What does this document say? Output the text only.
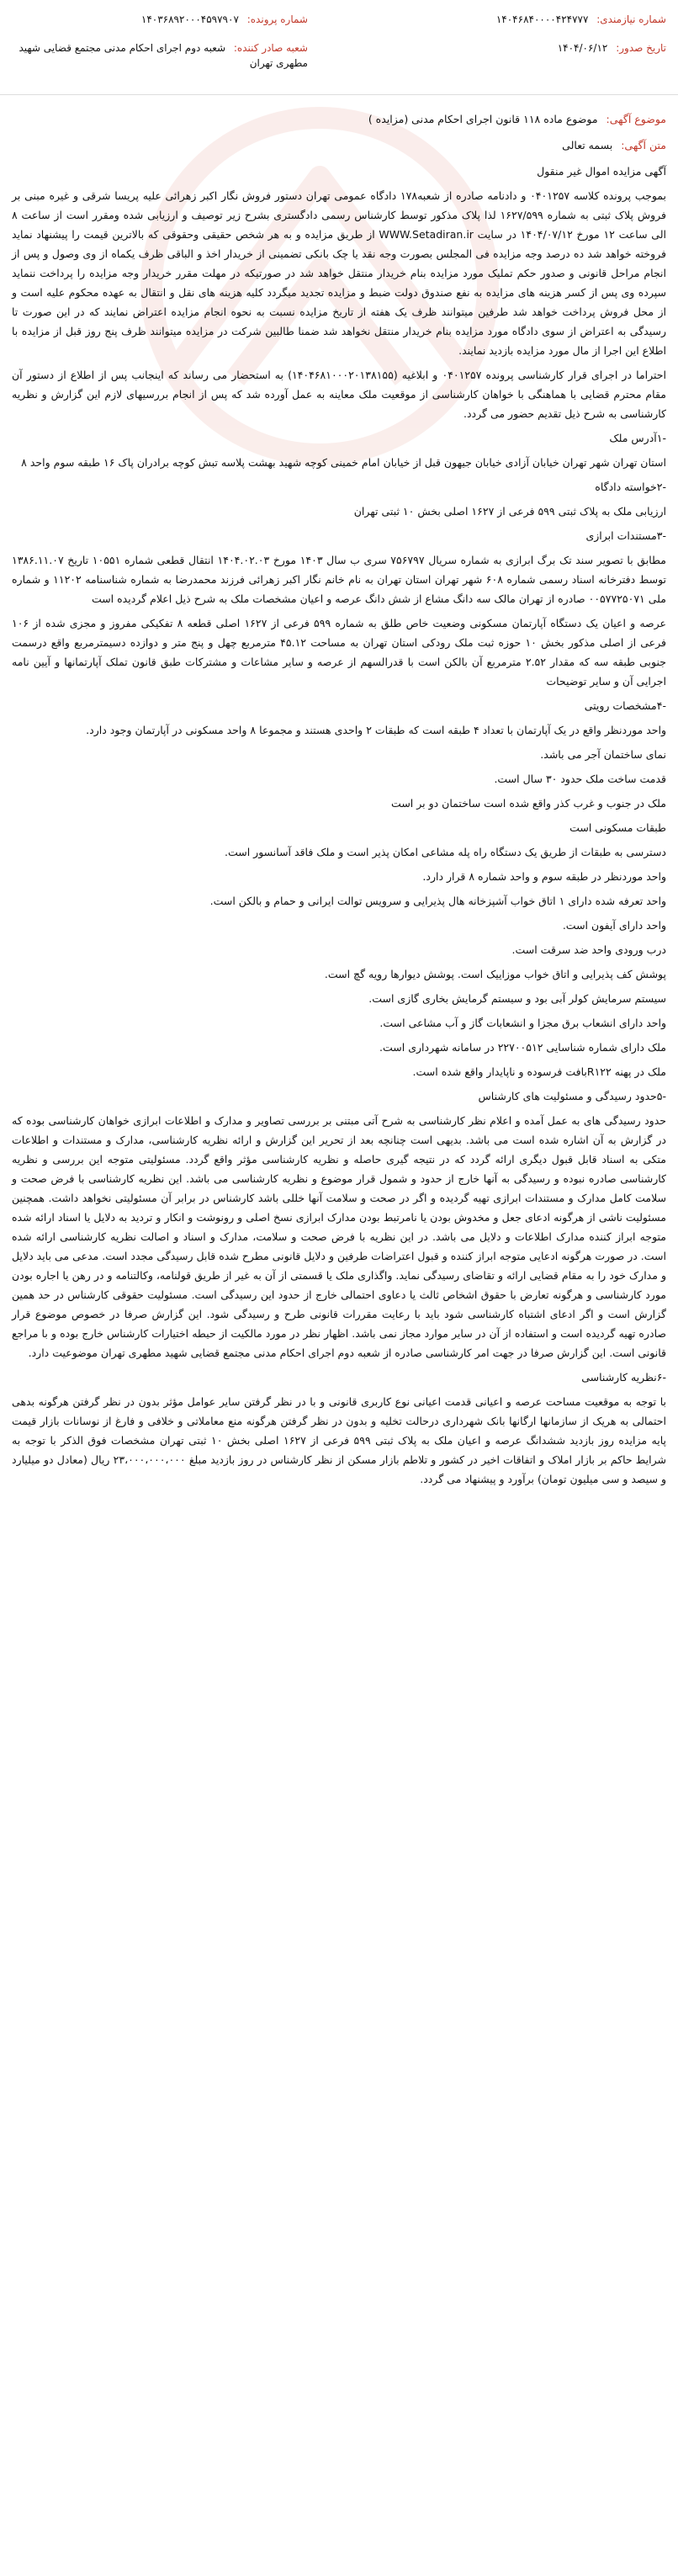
شماره نیازمندی: ۱۴۰۴۶۸۴۰۰۰۰۴۲۴۷۷۷
شماره پرونده: ۱۴۰۳۶۸۹۲۰۰۰۴۵۹۷۹۰۷
تاریخ صدور: ۱۴۰۴/۰۶/۱۲
شعبه صادر کننده: شعبه دوم اجرای احکام مدنی مجتمع قضایی شهید مطهری تهران
موضوع آگهی: موضوع ماده ۱۱۸ قانون اجرای احکام مدنی (مزایده )
متن آگهی: بسمه تعالی

آگهی مزایده اموال غیر منقول

بموجب پرونده کلاسه ۰۴۰۱۲۵۷ و دادنامه صادره از شعبه۱۷۸ دادگاه عمومی تهران دستور فروش نگار اکبر زهرائی علیه پریسا شرقی و غیره مبنی بر فروش پلاک ثبتی به شماره ۱۶۲۷/۵۹۹ لذا پلاک مذکور توسط کارشناس رسمی دادگستری بشرح زیر توصیف و ارزیابی شده ومقرر است از ساعت ۸ الی ساعت ۱۲ مورخ ۱۴۰۴/۰۷/۱۲ در سایت WWW.Setadiran.ir از طریق مزایده و به هر شخص حقیقی وحقوقی که بالاترین قیمت را پیشنهاد نماید فروخته خواهد شد ده درصد وجه مزایده فی المجلس بصورت وجه نقد یا چک بانکی تضمینی از خریدار اخذ و الباقی ظرف یکماه از وی وصول و پس از انجام مراحل قانونی و صدور حکم تملیک مورد مزایده بنام خریدار منتقل خواهد شد در صورتیکه در مهلت مقرر خریدار وجه مزایده را پرداخت ننماید سپرده وی پس از کسر هزینه های مزایده به نفع صندوق دولت ضبط و مزایده تجدید میگردد کلیه هزینه های نقل و انتقال به عهده محکوم علیه است و از محل فروش پرداخت خواهد شد طرفین میتوانند ظرف یک هفته از تاریخ مزایده نسبت به نحوه انجام مزایده اعتراض نمایند که در این صورت تا رسیدگی به اعتراض از سوی دادگاه مورد مزایده بنام خریدار منتقل نخواهد شد ضمنا طالبین شرکت در مزایده میتوانند ظرف پنج روز قبل از مزایده با اطلاع این اجرا از مال مورد مزایده بازدید نمایند.

احتراما در اجرای قرار کارشناسی پرونده ۰۴۰۱۲۵۷ و ابلاغیه (۱۴۰۴۶۸۱۰۰۰۲۰۱۳۸۱۵۵) به استحضار می رساند که اینجانب پس از اطلاع از دستور آن مقام محترم قضایی با هماهنگی با خواهان کارشناسی از موقعیت ملک معاینه به عمل آورده شد که پس از انجام بررسیهای لازم این گزارش و نظریه کارشناسی به شرح ذیل تقدیم حضور می گردد.

-۱آدرس ملک

استان تهران شهر تهران خیابان آزادی خیابان جیهون قبل از خیابان امام خمینی کوچه شهید بهشت پلاسه تبش کوچه برادران پاک ۱۶ طبقه سوم واحد ۸

-۲خواسته دادگاه

ارزیابی ملک به پلاک ثبتی ۵۹۹ فرعی از ۱۶۲۷ اصلی بخش ۱۰ ثبتی تهران

-۳مستندات ابرازی

مطابق با تصویر سند تک برگ ابرازی به شماره سریال ۷۵۶۷۹۷ سری ب سال ۱۴۰۳ مورخ ۱۴۰۴.۰۲.۰۳ انتقال قطعی شماره ۱۰۵۵۱ تاریخ ۱۳۸۶.۱۱.۰۷ توسط دفترخانه اسناد رسمی شماره ۶۰۸ شهر تهران استان تهران به نام خانم نگار اکبر زهرائی فرزند محمدرضا به شماره شناسنامه ۱۱۲۰۲ و شماره ملی ۰۰۵۷۷۲۵۰۷۱ صادره از تهران مالک سه دانگ مشاع از شش دانگ عرصه و اعیان مشخصات ملک به شرح ذیل اعلام گردیده است

عرصه و اعیان یک دستگاه آپارتمان مسکونی وضعیت خاص طلق به شماره ۵۹۹ فرعی از ۱۶۲۷ اصلی قطعه ۸ تفکیکی مفروز و مجزی شده از ۱۰۶ فرعی از اصلی مذکور بخش ۱۰ حوزه ثبت ملک رودکی استان تهران به مساحت ۴۵.۱۲ مترمربع چهل و پنج متر و دوازده دسیمترمربع واقع درسمت جنوبی طبقه سه که مقدار ۲.۵۲ مترمربع آن بالکن است با قدرالسهم از عرصه و سایر مشاعات و مشترکات طبق قانون تملک آپارتمانها و آیین نامه اجرایی آن و سایر توضیحات

-۴مشخصات رویتی

واحد موردنظر واقع در یک آپارتمان با تعداد ۴ طبقه است که طبقات ۲ واحدی هستند و مجموعا ۸ واحد مسکونی در آپارتمان وجود دارد.

نمای ساختمان آجر می باشد.

قدمت ساخت ملک حدود ۳۰ سال است.

ملک در جنوب و غرب کذر واقع شده است ساختمان دو بر است

طبقات مسکونی است

دسترسی به طبقات از طریق یک دستگاه راه پله مشاعی امکان پذیر است و ملک فاقد آسانسور است.

واحد موردنظر در طبقه سوم و واحد شماره ۸ قرار دارد.

واحد تعرفه شده دارای ۱ اتاق خواب آشپزخانه هال پذیرایی و سرویس توالت ایرانی و حمام و بالکن است.

واحد دارای آیفون است.

درب ورودی واحد ضد سرقت است.

پوشش کف پذیرایی و اتاق خواب موزاییک است. پوشش دیوارها رویه گچ است.

سیستم سرمایش کولر آبی بود و سیستم گرمایش بخاری گازی است.

واحد دارای انشعاب برق مجزا و انشعابات گاز و آب مشاعی است.

ملک دارای شماره شناسایی ۲۲۷۰۰۵۱۲ در سامانه شهرداری است.

ملک در پهنه R۱۲۲بافت فرسوده و ناپایدار واقع شده است.

-۵حدود رسیدگی و مسئولیت های کارشناس

حدود رسیدگی های به عمل آمده و اعلام نظر کارشناسی به شرح آتی مبتنی بر بررسی تصاویر و مدارک و اطلاعات ابرازی خواهان کارشناسی بوده که در گزارش به آن اشاره شده است می باشد. بدیهی است چنانچه بعد از تحریر این گزارش و ارائه نظریه کارشناسی، مدارک و مستندات و اطلاعات متکی به اسناد قابل قبول دیگری ارائه گردد که در نتیجه گیری حاصله و نظریه کارشناسی مؤثر واقع گردد. مسئولیتی متوجه این بررسی و نظریه کارشناسی صادره نبوده و رسیدگی به آنها خارج از حدود و شمول قرار موضوع و نظریه کارشناسی می باشد. این نظریه کارشناسی با فرض صحت و سلامت کامل مدارک و مستندات ابرازی تهیه گردیده و اگر در صحت و سلامت آنها خللی باشد کارشناس در برابر آن مسئولیتی نخواهد داشت. همچنین مسئولیت ناشی از هرگونه ادعای جعل و مخدوش بودن یا نامرتبط بودن مدارک ابرازی نسخ اصلی و رونوشت و انکار و تردید به دلایل یا اسناد ارائه شده متوجه ابراز کننده مدارک اطلاعات و دلایل می باشد. در این نظریه با فرض صحت و سلامت، مدارک و اسناد و اصالت نظریه کارشناسی ارائه شده است. در صورت هرگونه ادعایی متوجه ابراز کننده و قبول اعتراضات طرفین و دلایل قانونی مطرح شده قابل رسیدگی مجدد است. مدعی می باید دلایل و مدارک خود را به مقام قضایی ارائه و تقاضای رسیدگی نماید. واگذاری ملک یا قسمتی از آن به غیر از طریق قولنامه، وکالتنامه و در رهن یا اجاره بودن مورد کارشناسی و هرگونه تعارض با حقوق اشخاص ثالث یا دعاوی احتمالی خارج از حدود این رسیدگی است. مسئولیت حقوقی کارشناس در حد همین گزارش است و اگر ادعای اشتباه کارشناسی شود باید با رعایت مقررات قانونی طرح و رسیدگی شود. این گزارش صرفا در خصوص موضوع قرار صادره تهیه گردیده است و استفاده از آن در سایر موارد مجاز نمی باشد. اظهار نظر در مورد مالکیت از حیطه اختیارات کارشناس خارج بوده و با مراجع قانونی است. این گزارش صرفا در جهت امر کارشناسی صادره از شعبه دوم اجرای احکام مدنی مجتمع قضایی شهید مطهری تهران موضوعیت دارد.

-۶نظریه کارشناسی

با توجه به موقعیت مساحت عرصه و اعیانی قدمت اعیانی نوع کاربری قانونی و با در نظر گرفتن سایر عوامل مؤثر بدون در نظر گرفتن هرگونه بدهی احتمالی به هریک از سازمانها ارگانها بانک شهرداری درحالت تخلیه و بدون در نظر گرفتن هرگونه منع معاملاتی و خلافی و فارغ از نوسانات بازار قیمت پایه مزایده روز بازدید ششدانگ عرصه و اعیان ملک به پلاک ثبتی ۵۹۹ فرعی از ۱۶۲۷ اصلی بخش ۱۰ ثبتی تهران مشخصات فوق الذکر با توجه به شرایط حاکم بر بازار املاک و اتفاقات اخیر در کشور و تلاطم بازار مسکن از نظر کارشناس در روز بازدید مبلغ ۲۳،۰۰۰،۰۰۰،۰۰۰ ریال (معادل دو میلیارد و سیصد و سی میلیون تومان) برآورد و پیشنهاد می گردد.
